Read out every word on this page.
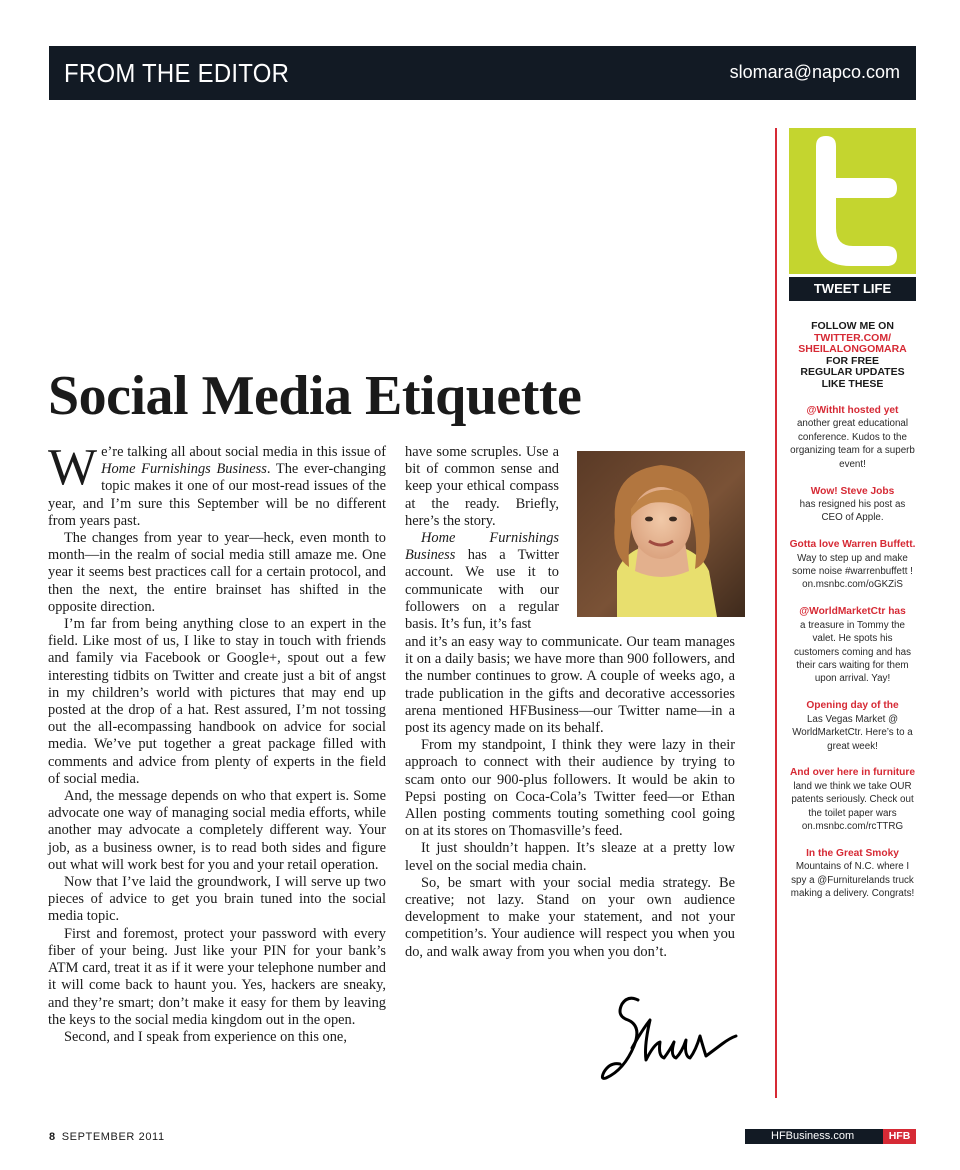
FROM THE EDITOR	slomara@napco.com
Social Media Etiquette

We’re talking all about social media in this issue of Home Furnishings Business. The ever-changing topic makes it one of our most-read issues of the year, and I’m sure this September will be no different from years past.

The changes from year to year—heck, even month to month—in the realm of social media still amaze me. One year it seems best practices call for a certain protocol, and then the next, the entire brainset has shifted in the opposite direction.

I’m far from being anything close to an expert in the field. Like most of us, I like to stay in touch with friends and family via Facebook or Google+, spout out a few interesting tidbits on Twitter and create just a bit of angst in my children’s world with pictures that may end up posted at the drop of a hat. Rest assured, I’m not tossing out the all-ecompassing handbook on advice for social media. We’ve put together a great package filled with comments and advice from plenty of experts in the field of social media.

And, the message depends on who that expert is. Some advocate one way of managing social media efforts, while another may advocate a completely different way. Your job, as a business owner, is to read both sides and figure out what will work best for you and your retail operation.

Now that I’ve laid the groundwork, I will serve up two pieces of advice to get you brain tuned into the social media topic.

First and foremost, protect your password with every fiber of your being. Just like your PIN for your bank’s ATM card, treat it as if it were your telephone number and it will come back to haunt you. Yes, hackers are sneaky, and they’re smart; don’t make it easy for them by leaving the keys to the social media kingdom out in the open.

Second, and I speak from experience on this one,

have some scruples. Use a bit of common sense and keep your ethical compass at the ready. Briefly, here’s the story.

Home Furnishings Business has a Twitter account. We use it to communicate with our followers on a regular basis. It’s fun, it’s fast

and it’s an easy way to communicate. Our team manages it on a daily basis; we have more than 900 followers, and the number continues to grow. A couple of weeks ago, a trade publication in the gifts and decorative accessories arena mentioned HFBusiness—our Twitter name—in a post its agency made on its behalf.

From my standpoint, I think they were lazy in their approach to connect with their audience by trying to scam onto our 900-plus followers. It would be akin to Pepsi posting on Coca-Cola’s Twitter feed—or Ethan Allen posting comments touting something cool going on at its stores on Thomasville’s feed.

It just shouldn’t happen. It’s sleaze at a pretty low level on the social media chain.

So, be smart with your social media strategy. Be creative; not lazy. Stand on your own audience development to make your statement, and not your competition’s. Your audience will respect you when you do, and walk away from you when you don’t.

TWEET LIFE
FOLLOW ME ON
TWITTER.COM/
SHEILALONGOMARA
FOR FREE
REGULAR UPDATES
LIKE THESE
@WithIt hosted yet
another great educational conference. Kudos to the organizing team for a superb event!
Wow! Steve Jobs
has resigned his post as CEO of Apple.
Gotta love Warren Buffett.
Way to step up and make some noise #warrenbuffett ! on.msnbc.com/oGKZiS
@WorldMarketCtr has
a treasure in Tommy the valet. He spots his customers coming and has their cars waiting for them upon arrival. Yay!
Opening day of the
Las Vegas Market @ WorldMarketCtr. Here’s to a great week!
And over here in furniture
land we think we take OUR patents seriously. Check out the toilet paper wars on.msnbc.com/rcTTRG
In the Great Smoky
Mountains of N.C. where I spy a @Furniturelands truck making a delivery. Congrats!
8 SEPTEMBER 2011	HFBusiness.com	HFB
